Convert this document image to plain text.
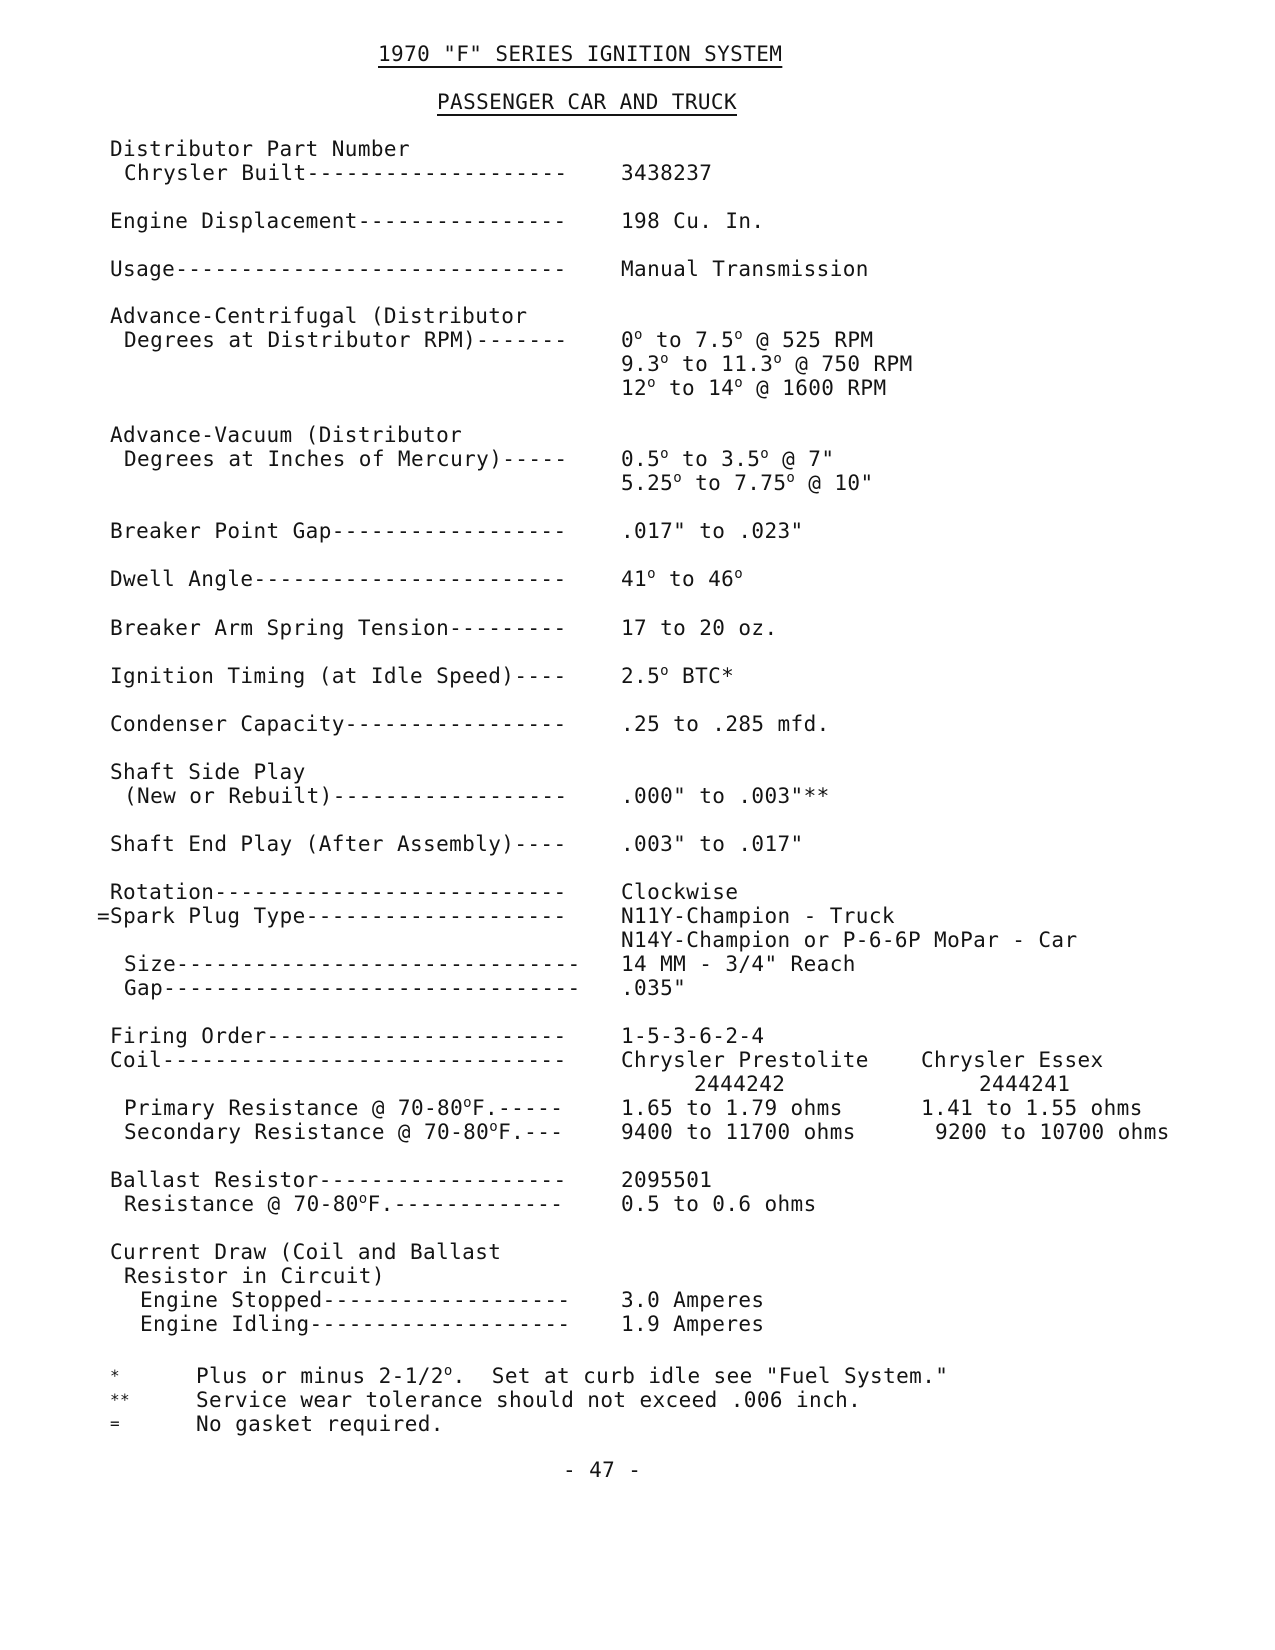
1970 "F" SERIES IGNITION SYSTEM
PASSENGER CAR AND TRUCK
Distributor Part Number
Chrysler Built--------------------	3438237
Engine Displacement----------------	198 Cu. In.
Usage------------------------------	Manual Transmission
Advance-Centrifugal (Distributor
Degrees at Distributor RPM)-------	0$^o$ to 7.5$^o$ @ 525 RPM
9.3$^o$ to 11.3$^o$ @ 750 RPM
12$^o$ to 14$^o$ @ 1600 RPM
Advance-Vacuum (Distributor
Degrees at Inches of Mercury)-----	0.5$^o$ to 3.5$^o$ @ 7"
5.25$^o$ to 7.75$^o$ @ 10"
Breaker Point Gap------------------	.017" to .023"
Dwell Angle------------------------	41$^o$ to 46$^o$
Breaker Arm Spring Tension---------	17 to 20 oz.
Ignition Timing (at Idle Speed)----	2.5$^o$ BTC*
Condenser Capacity-----------------	.25 to .285 mfd.
Shaft Side Play
(New or Rebuilt)------------------	.000" to .003"**
Shaft End Play (After Assembly)----	.003" to .017"
Rotation---------------------------	Clockwise
=Spark Plug Type--------------------	N11Y-Champion - Truck
N14Y-Champion or P-6-6P MoPar - Car
Size------------------------------- 14 MM - 3/4" Reach
Gap-------------------------------- .035"
Firing Order-----------------------	1-5-3-6-2-4
Coil-------------------------------	Chrysler Prestolite Chrysler Essex
2444242	2444241
Primary Resistance @ 70-80$^o$F.-----	1.65 to 1.79 ohms	1.41 to 1.55 ohms
Secondary Resistance @ 70-80$^o$F.---	9400 to 11700 ohms	9200 to 10700 ohms
Ballast Resistor-------------------	2095501
Resistance @ 70-80$^o$F.-------------	0.5 to 0.6 ohms
Current Draw (Coil and Ballast
Resistor in Circuit)
Engine Stopped------------------- 3.0 Amperes
Engine Idling-------------------- 1.9 Amperes
*	Plus or minus 2-1/2$^o$.  Set at curb idle see "Fuel System."
**	Service wear tolerance should not exceed .006 inch.
=	No gasket required.
- 47 -
